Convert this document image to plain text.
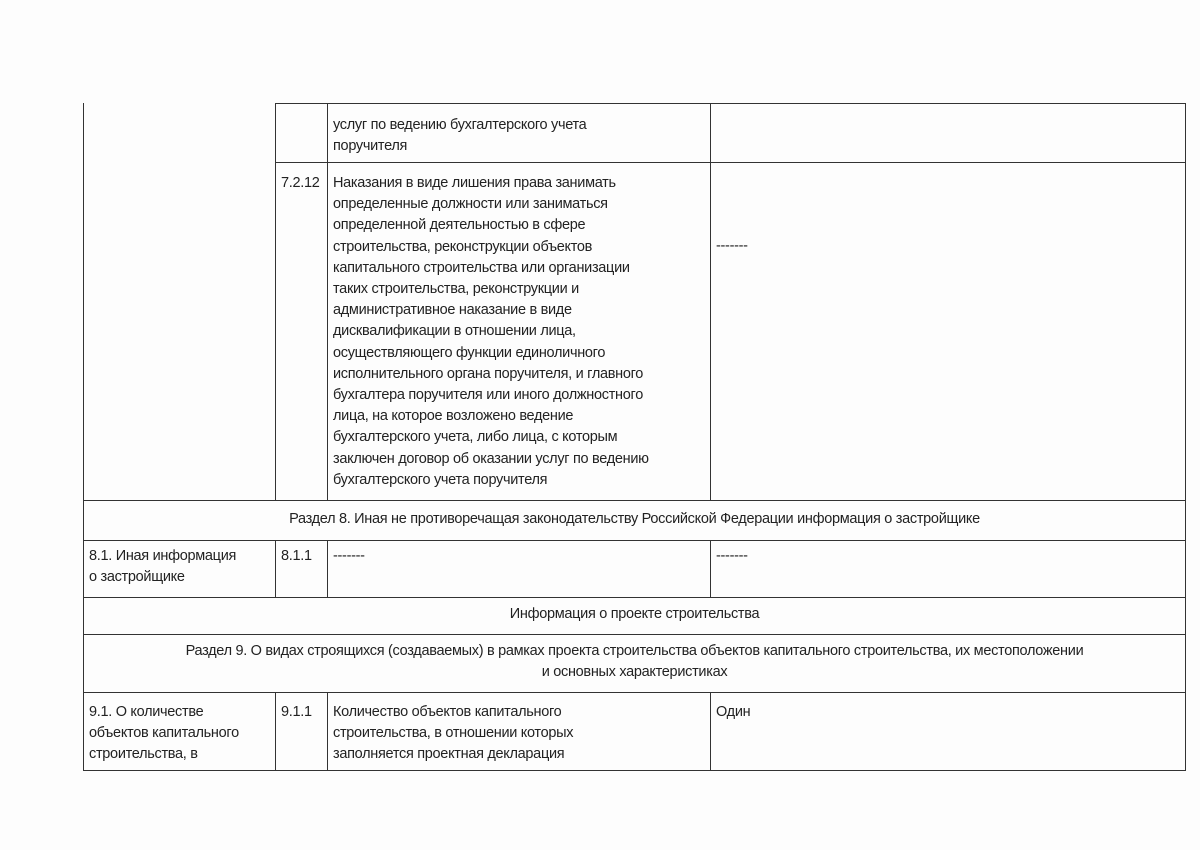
услуг по ведению бухгалтерского учета
поручителя
7.2.12 Наказания в виде лишения права занимать
определенные должности или заниматься
определенной деятельностью в сфере
строительства, реконструкции объектов
капитального строительства или организации
таких строительства, реконструкции и
административное наказание в виде
дисквалификации в отношении лица,
осуществляющего функции единоличного
исполнительного органа поручителя, и главного
бухгалтера поручителя или иного должностного
лица, на которое возложено ведение
бухгалтерского учета, либо лица, с которым
заключен договор об оказании услуг по ведению
бухгалтерского учета поручителя
-------
Раздел 8. Иная не противоречащая законодательству Российской Федерации информация о застройщике
8.1. Иная информация
о застройщике
8.1.1 -------	-------
Информация о проекте строительства
Раздел 9. О видах строящихся (создаваемых) в рамках проекта строительства объектов капитального строительства, их местоположении
и основных характеристиках
9.1. О количестве
объектов капитального
строительства, в
9.1.1 Количество объектов капитального
строительства, в отношении которых
заполняется проектная декларация
Один
